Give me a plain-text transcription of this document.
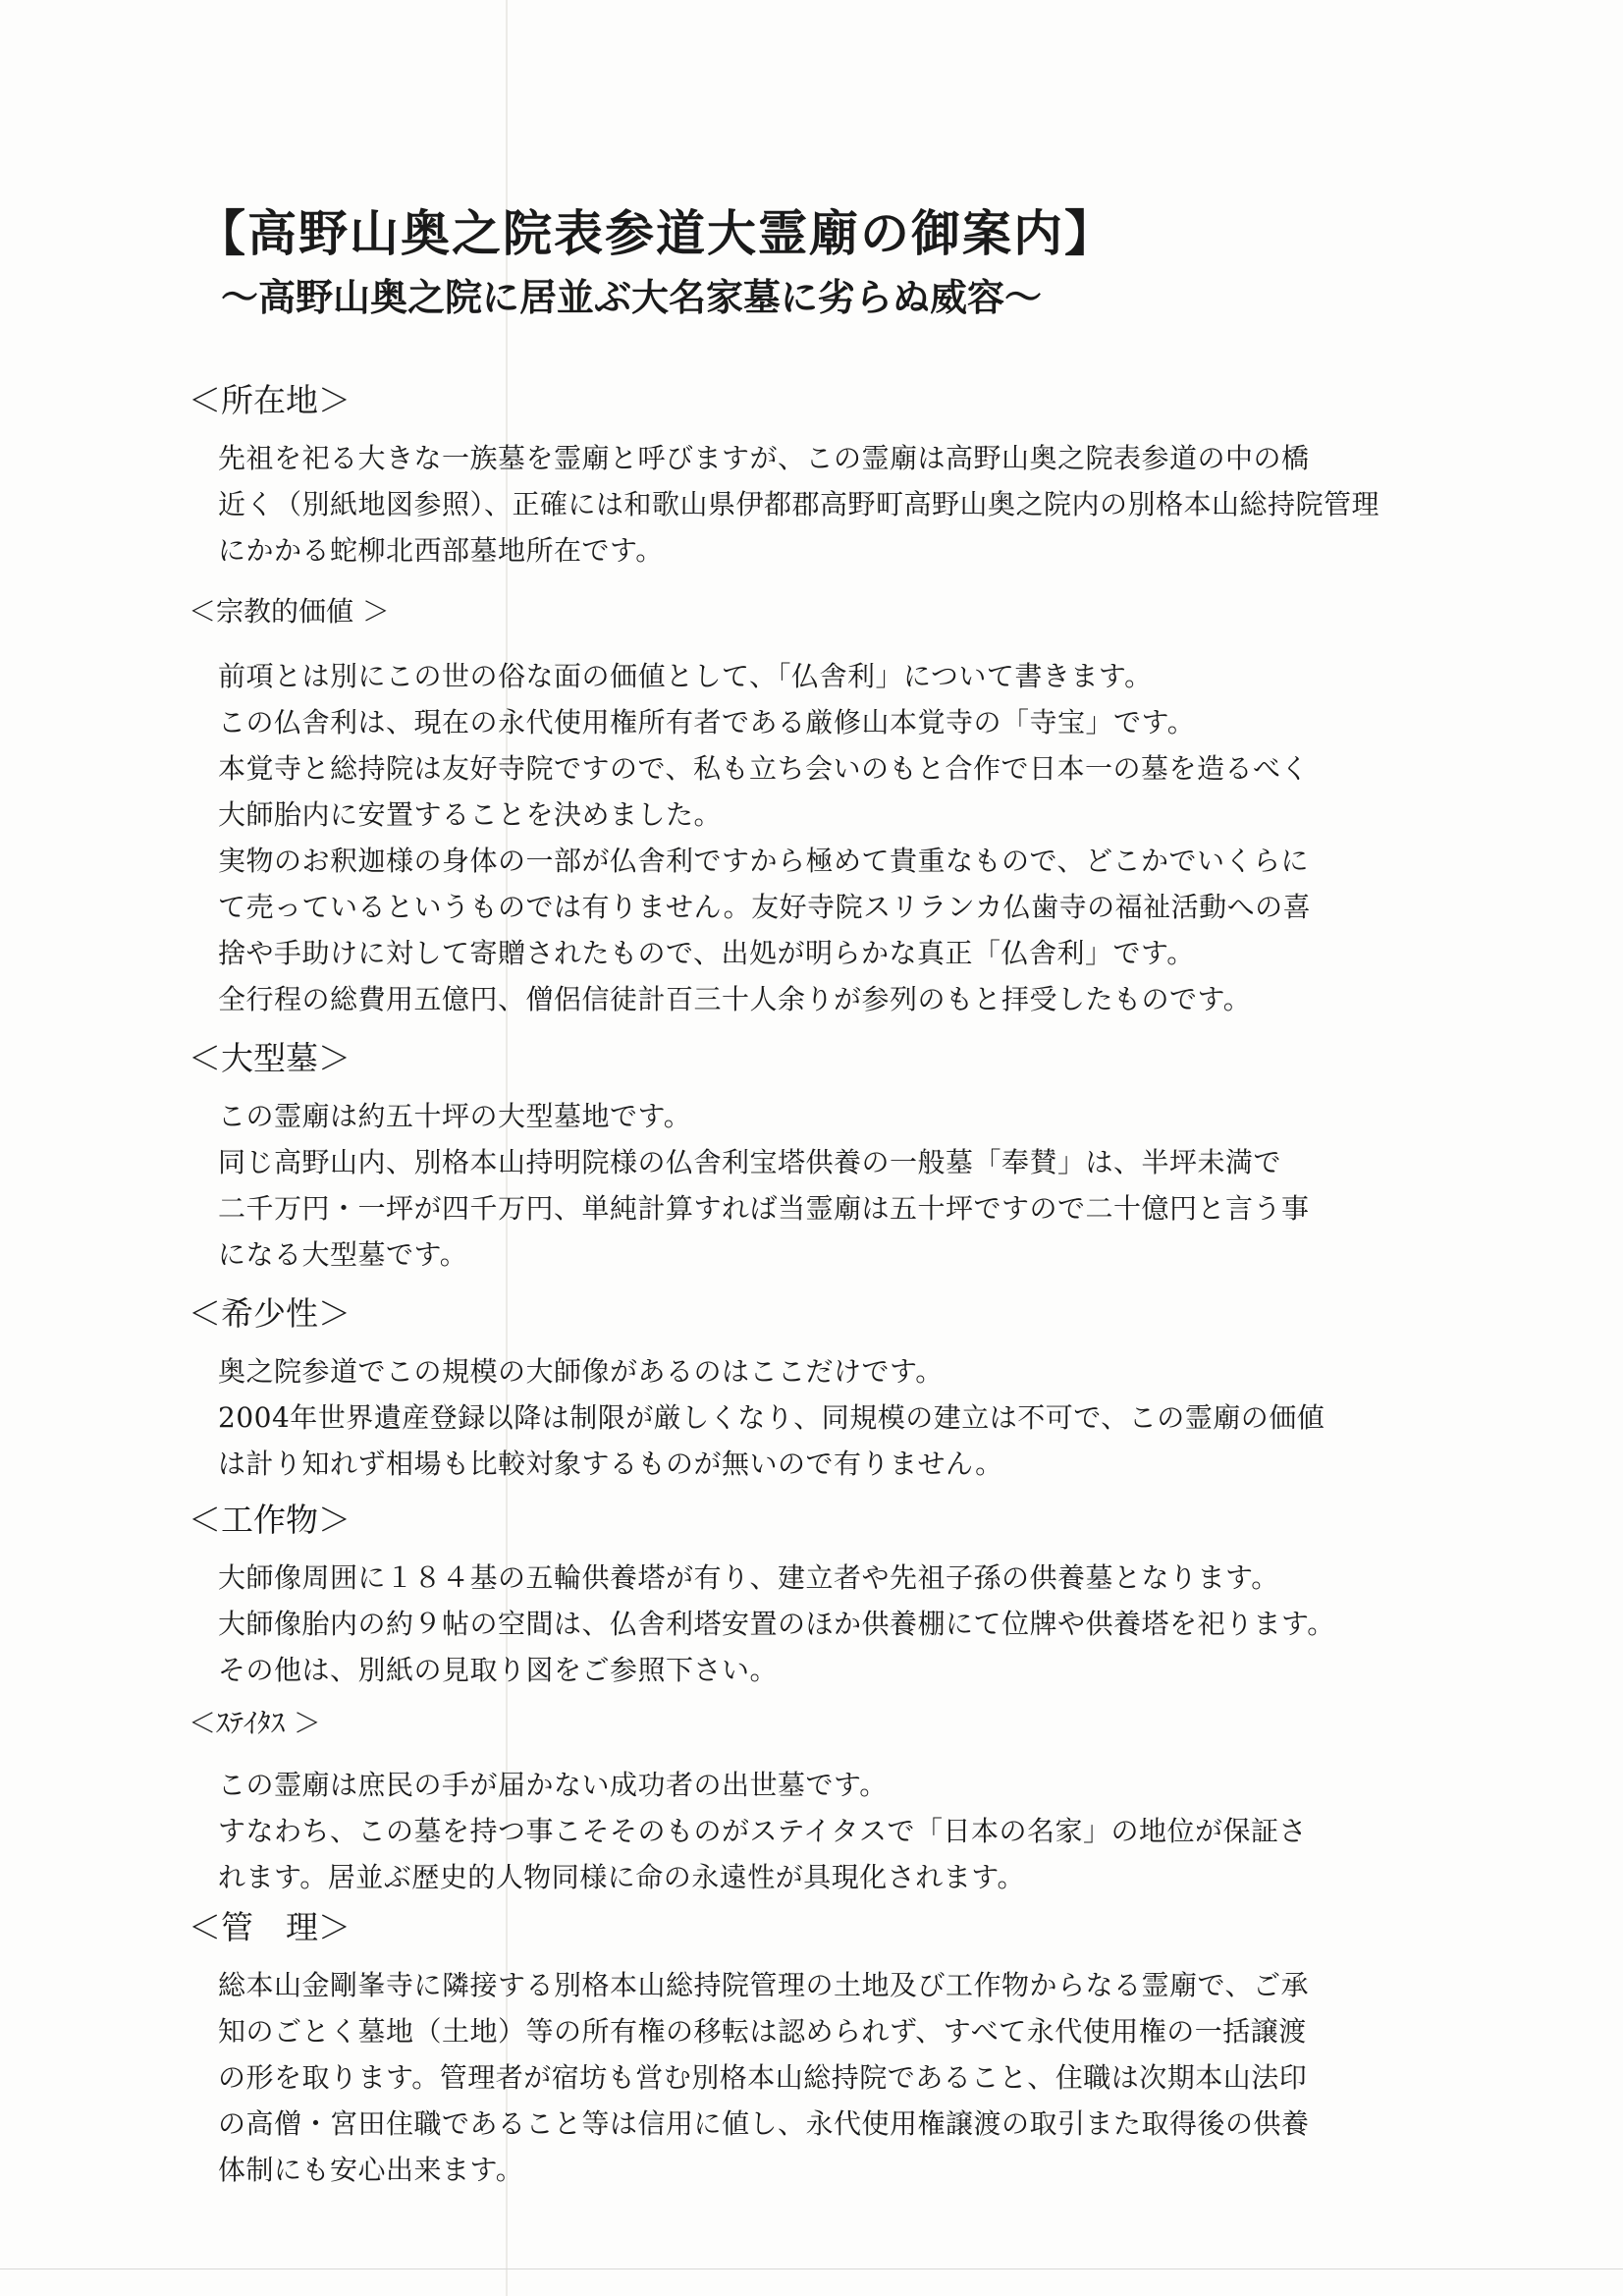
【高野山奥之院表参道大霊廟の御案内】
～高野山奥之院に居並ぶ大名家墓に劣らぬ威容～
＜所在地＞
先祖を祀る大きな一族墓を霊廟と呼びますが、この霊廟は高野山奥之院表参道の中の橋
近く（別紙地図参照）、正確には和歌山県伊都郡高野町高野山奥之院内の別格本山総持院管理
にかかる蛇柳北西部墓地所在です。
＜宗教的価値 ＞
前項とは別にこの世の俗な面の価値として、「仏舎利」について書きます。
この仏舎利は、現在の永代使用権所有者である厳修山本覚寺の「寺宝」です。
本覚寺と総持院は友好寺院ですので、私も立ち会いのもと合作で日本一の墓を造るべく
大師胎内に安置することを決めました。
実物のお釈迦様の身体の一部が仏舎利ですから極めて貴重なもので、どこかでいくらに
て売っているというものでは有りません。友好寺院スリランカ仏歯寺の福祉活動への喜
捨や手助けに対して寄贈されたもので、出処が明らかな真正「仏舎利」です。
全行程の総費用五億円、僧侶信徒計百三十人余りが参列のもと拝受したものです。
＜大型墓＞
この霊廟は約五十坪の大型墓地です。
同じ高野山内、別格本山持明院様の仏舎利宝塔供養の一般墓「奉賛」は、半坪未満で
二千万円・一坪が四千万円、単純計算すれば当霊廟は五十坪ですので二十億円と言う事
になる大型墓です。
＜希少性＞
奥之院参道でこの規模の大師像があるのはここだけです。
2004年世界遺産登録以降は制限が厳しくなり、同規模の建立は不可で、この霊廟の価値
は計り知れず相場も比較対象するものが無いので有りません。
＜工作物＞
大師像周囲に１８４基の五輪供養塔が有り、建立者や先祖子孫の供養墓となります。
大師像胎内の約９帖の空間は、仏舎利塔安置のほか供養棚にて位牌や供養塔を祀ります。
その他は、別紙の見取り図をご参照下さい。
＜ｽﾃｲﾀｽ ＞
この霊廟は庶民の手が届かない成功者の出世墓です。
すなわち、この墓を持つ事こそそのものがステイタスで「日本の名家」の地位が保証さ
れます。居並ぶ歴史的人物同様に命の永遠性が具現化されます。
＜管　理＞
総本山金剛峯寺に隣接する別格本山総持院管理の土地及び工作物からなる霊廟で、ご承
知のごとく墓地（土地）等の所有権の移転は認められず、すべて永代使用権の一括譲渡
の形を取ります。管理者が宿坊も営む別格本山総持院であること、住職は次期本山法印
の高僧・宮田住職であること等は信用に値し、永代使用権譲渡の取引また取得後の供養
体制にも安心出来ます。
